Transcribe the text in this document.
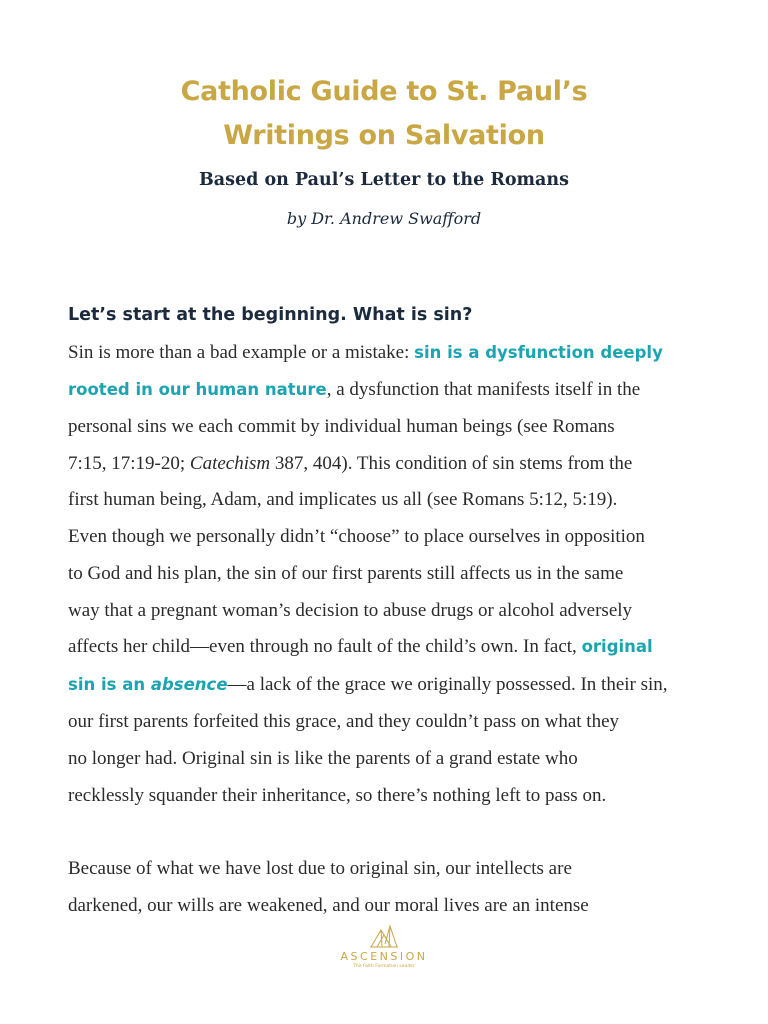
Catholic Guide to St. Paul’s
Writings on Salvation
Based on Paul’s Letter to the Romans
by Dr. Andrew Swafford
Let’s start at the beginning. What is sin?
Sin is more than a bad example or a mistake: sin is a dysfunction deeply
rooted in our human nature, a dysfunction that manifests itself in the
personal sins we each commit by individual human beings (see Romans
7:15, 17:19-20; Catechism 387, 404). This condition of sin stems from the
first human being, Adam, and implicates us all (see Romans 5:12, 5:19).
Even though we personally didn’t “choose” to place ourselves in opposition
to God and his plan, the sin of our first parents still affects us in the same
way that a pregnant woman’s decision to abuse drugs or alcohol adversely
affects her child—even through no fault of the child’s own. In fact, original
sin is an absence—a lack of the grace we originally possessed. In their sin,
our first parents forfeited this grace, and they couldn’t pass on what they
no longer had. Original sin is like the parents of a grand estate who
recklessly squander their inheritance, so there’s nothing left to pass on.
Because of what we have lost due to original sin, our intellects are
darkened, our wills are weakened, and our moral lives are an intense
ASCENSION
The Faith Formation Leader
